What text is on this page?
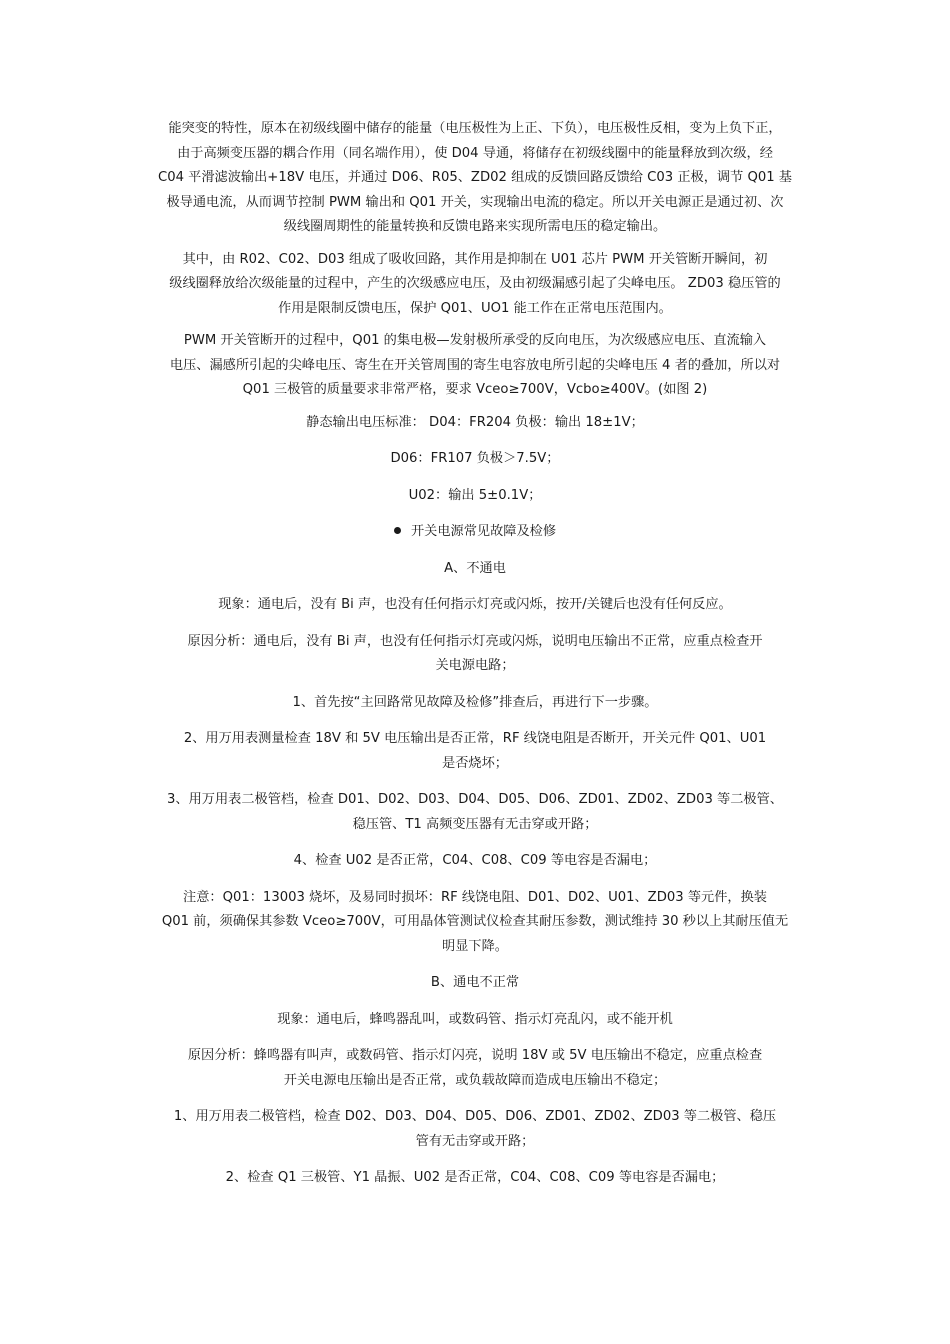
能突变的特性，原本在初级线圈中储存的能量（电压极性为上正、下负），电压极性反相，变为上负下正，
由于高频变压器的耦合作用（同名端作用），使 D04 导通，将储存在初级线圈中的能量释放到次级，经
C04 平滑滤波输出+18V 电压，并通过 D06、R05、ZD02 组成的反馈回路反馈给 C03 正极，调节 Q01 基
极导通电流，从而调节控制 PWM 输出和 Q01 开关，实现输出电流的稳定。所以开关电源正是通过初、次
级线圈周期性的能量转换和反馈电路来实现所需电压的稳定输出。
其中，由 R02、C02、D03 组成了吸收回路，其作用是抑制在 U01 芯片 PWM 开关管断开瞬间，初
级线圈释放给次级能量的过程中，产生的次级感应电压，及由初级漏感引起了尖峰电压。 ZD03 稳压管的
作用是限制反馈电压，保护 Q01、UO1 能工作在正常电压范围内。
PWM 开关管断开的过程中，Q01 的集电极—发射极所承受的反向电压，为次级感应电压、直流输入
电压、漏感所引起的尖峰电压、寄生在开关管周围的寄生电容放电所引起的尖峰电压 4 者的叠加，所以对
Q01 三极管的质量要求非常严格，要求 Vceo≥700V，Vcbo≥400V。(如图 2)
静态输出电压标准： D04：FR204 负极：输出 18±1V；
D06：FR107 负极＞7.5V；
U02：输出 5±0.1V；
开关电源常见故障及检修
A、不通电
现象：通电后，没有 Bi 声，也没有任何指示灯亮或闪烁，按开/关键后也没有任何反应。
原因分析：通电后，没有 Bi 声，也没有任何指示灯亮或闪烁，说明电压输出不正常，应重点检查开
关电源电路；
1、首先按“主回路常见故障及检修”排查后，再进行下一步骤。
2、用万用表测量检查 18V 和 5V 电压输出是否正常，RF 线饶电阻是否断开，开关元件 Q01、U01
是否烧坏；
3、用万用表二极管档，检查 D01、D02、D03、D04、D05、D06、ZD01、ZD02、ZD03 等二极管、
稳压管、T1 高频变压器有无击穿或开路；
4、检查 U02 是否正常，C04、C08、C09 等电容是否漏电；
注意：Q01：13003 烧坏，及易同时损坏：RF 线饶电阻、D01、D02、U01、ZD03 等元件，换装
Q01 前，须确保其参数 Vceo≥700V，可用晶体管测试仪检查其耐压参数，测试维持 30 秒以上其耐压值无
明显下降。
B、通电不正常
现象：通电后，蜂鸣器乱叫，或数码管、指示灯亮乱闪，或不能开机
原因分析：蜂鸣器有叫声，或数码管、指示灯闪亮，说明 18V 或 5V 电压输出不稳定，应重点检查
开关电源电压输出是否正常，或负载故障而造成电压输出不稳定；
1、用万用表二极管档，检查 D02、D03、D04、D05、D06、ZD01、ZD02、ZD03 等二极管、稳压
管有无击穿或开路；
2、检查 Q1 三极管、Y1 晶振、U02 是否正常，C04、C08、C09 等电容是否漏电；
